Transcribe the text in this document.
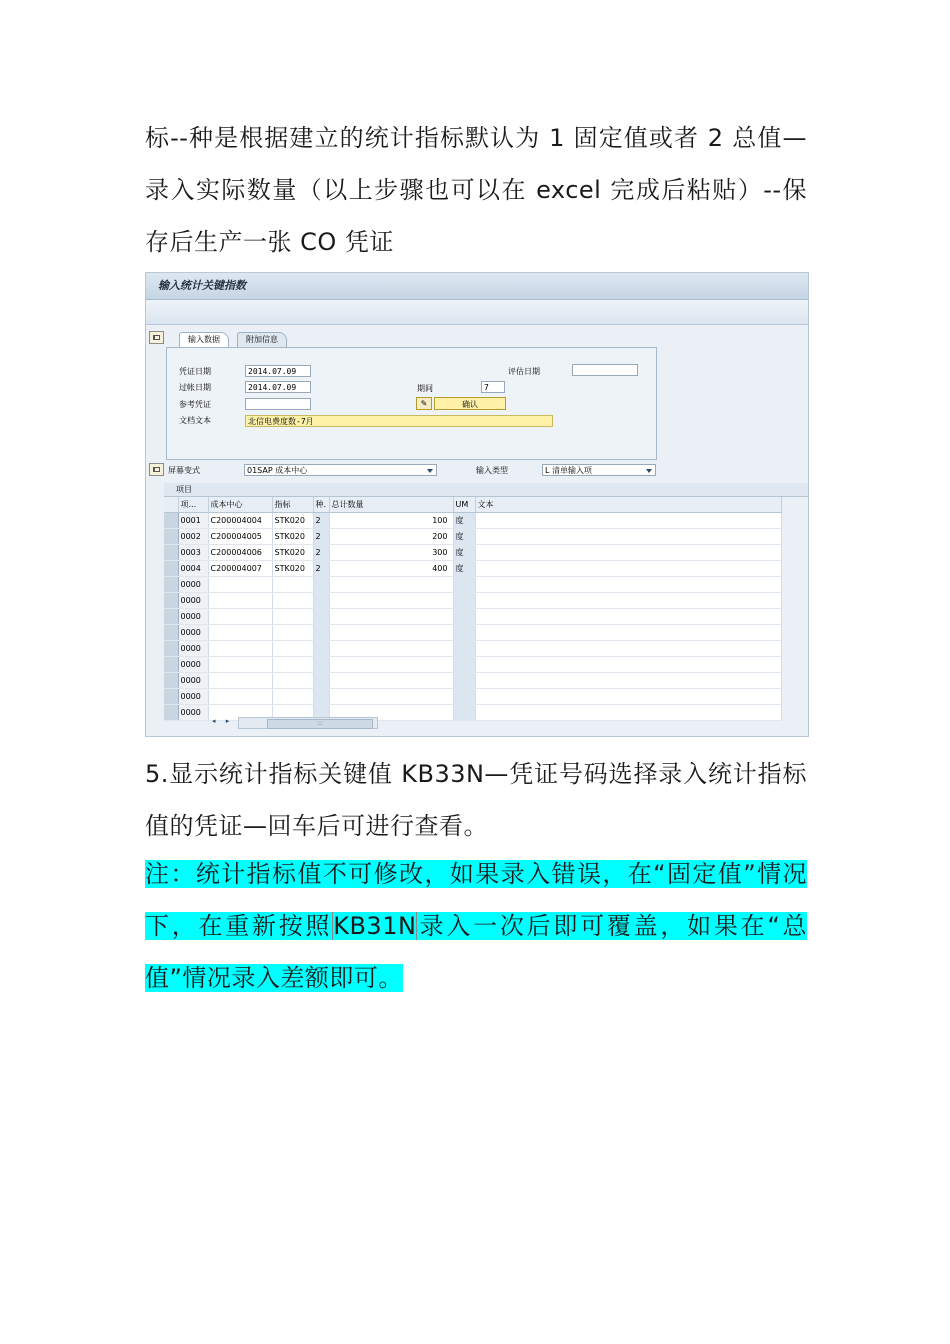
标--种是根据建立的统计指标默认为 1 固定值或者 2 总值—录入实际数量（以上步骤也可以在 excel 完成后粘贴）--保存后生产一张 CO 凭证

输入统计关键指数
输入数据	附加信息
凭证日期	2014.07.09
过帐日期	2014.07.09
参考凭证
文档文本	北信电费度数-7月
评估日期
期间	7
✎	确认
屏幕变式	01SAP 成本中心	输入类型	L 清单输入项
项目
	项...	成本中心	指标	种.	总计数量	UM	文本
	0001	C200004004	STK020	2	100	度	
	0002	C200004005	STK020	2	200	度	
	0003	C200004006	STK020	2	300	度	
	0004	C200004007	STK020	2	400	度	
	0000						
	0000						
	0000						
	0000						
	0000						
	0000						
	0000						
	0000						
	0000						
◂ ▸	:::

5.显示统计指标关键值 KB33N—凭证号码选择录入统计指标值的凭证—回车后可进行查看。

注：统计指标值不可修改，如果录入错误，在“固定值”情况下，在重新按照KB31N录入一次后即可覆盖，如果在“总值”情况录入差额即可。
